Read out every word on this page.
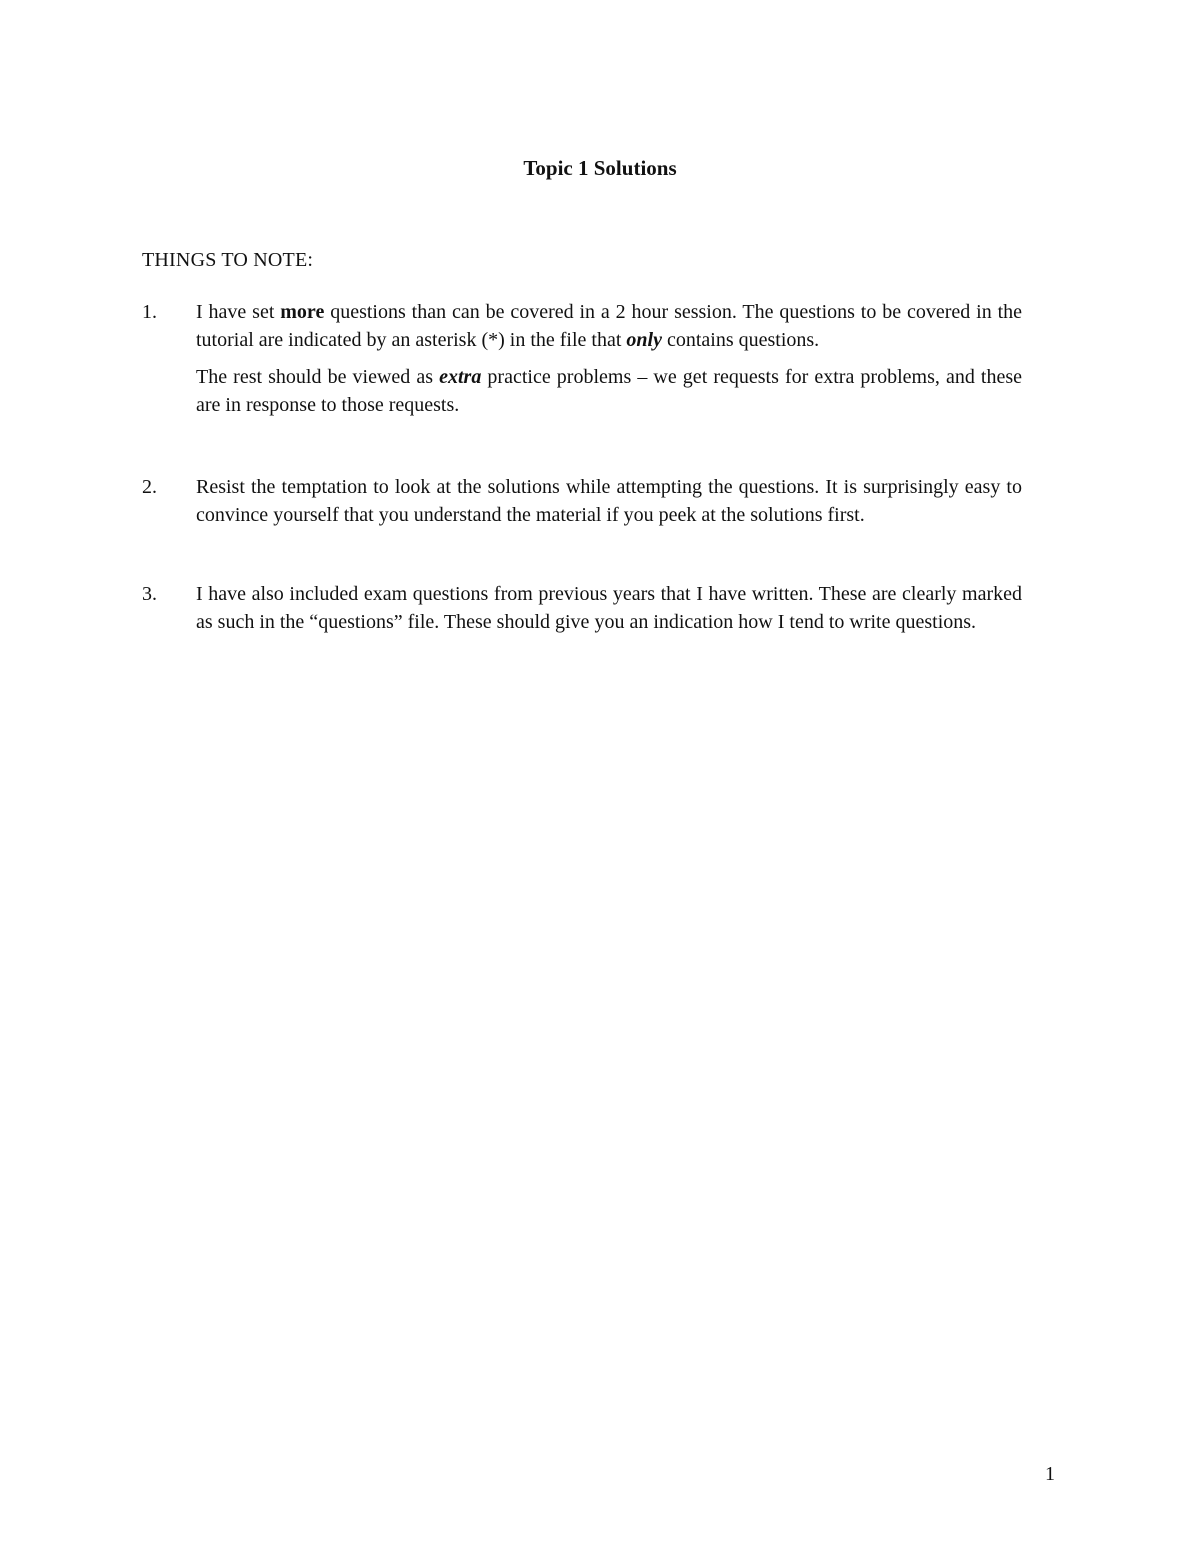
Topic 1 Solutions
THINGS TO NOTE:
1.	I have set more questions than can be covered in a 2 hour session. The questions to be covered in the tutorial are indicated by an asterisk (*) in the file that only contains questions.

The rest should be viewed as extra practice problems – we get requests for extra problems, and these are in response to those requests.

2.	Resist the temptation to look at the solutions while attempting the questions. It is surprisingly easy to convince yourself that you understand the material if you peek at the solutions first.

3.	I have also included exam questions from previous years that I have written. These are clearly marked as such in the “questions” file. These should give you an indication how I tend to write questions.

1
